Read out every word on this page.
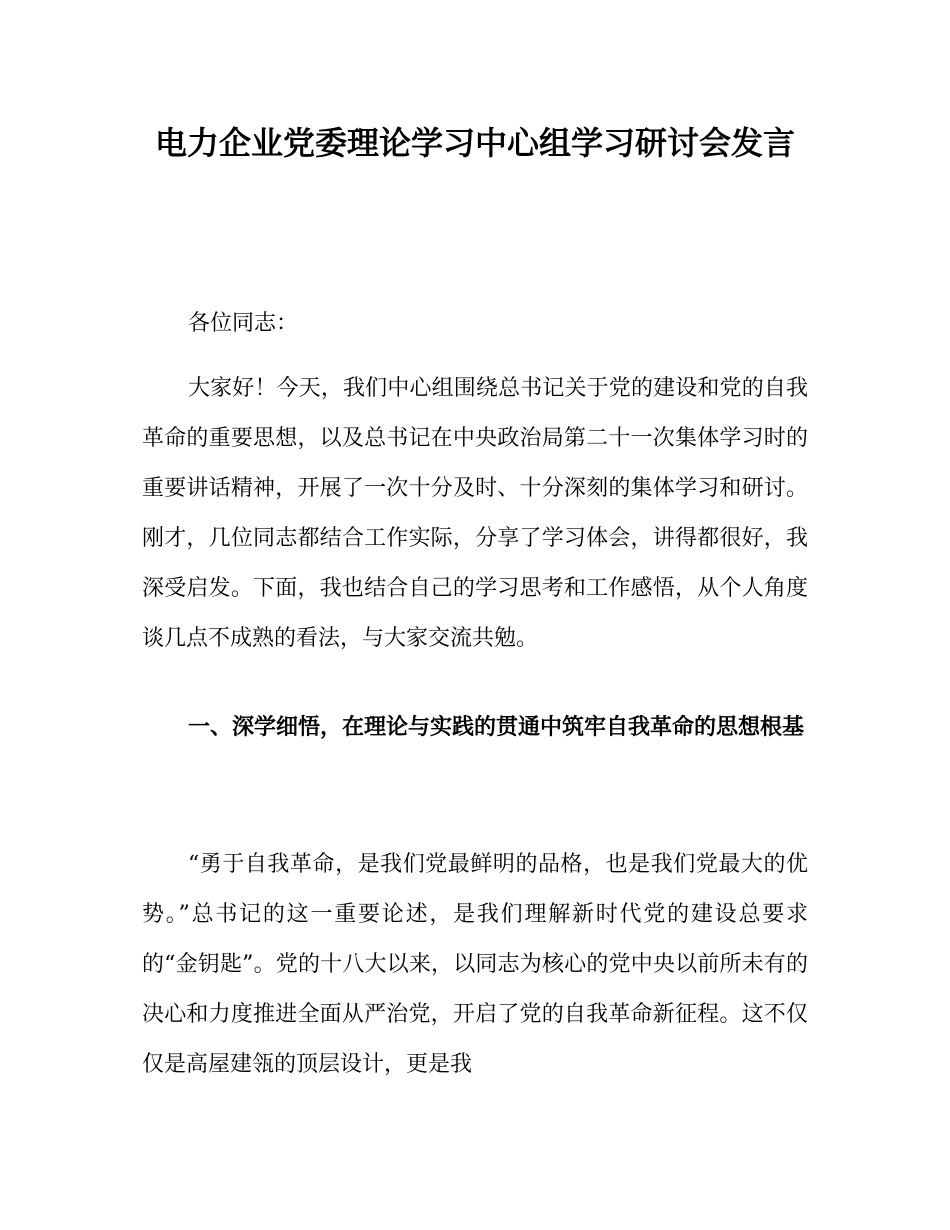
电力企业党委理论学习中心组学习研讨会发言

各位同志：

大家好！今天，我们中心组围绕总书记关于党的建设和党的自我革命的重要思想，以及总书记在中央政治局第二十一次集体学习时的重要讲话精神，开展了一次十分及时、十分深刻的集体学习和研讨。刚才，几位同志都结合工作实际，分享了学习体会，讲得都很好，我深受启发。下面，我也结合自己的学习思考和工作感悟，从个人角度谈几点不成熟的看法，与大家交流共勉。

一、深学细悟，在理论与实践的贯通中筑牢自我革命的思想根基

“勇于自我革命，是我们党最鲜明的品格，也是我们党最大的优势。”总书记的这一重要论述，是我们理解新时代党的建设总要求的“金钥匙”。党的十八大以来，以同志为核心的党中央以前所未有的决心和力度推进全面从严治党，开启了党的自我革命新征程。这不仅仅是高屋建瓴的顶层设计，更是我
